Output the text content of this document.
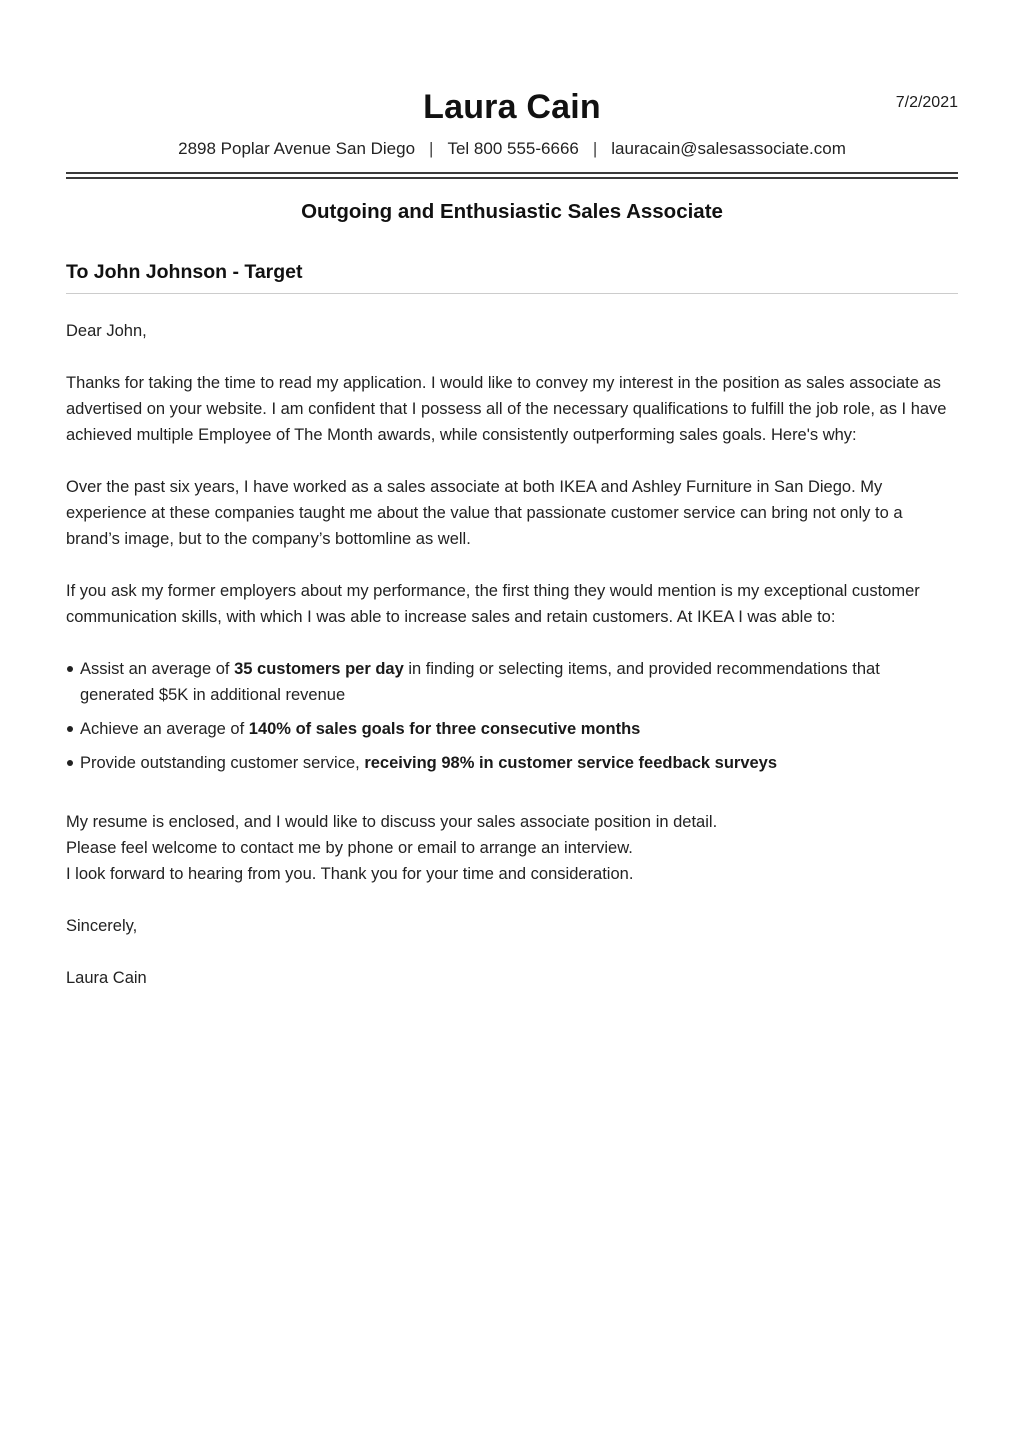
7/2/2021
Laura Cain
2898 Poplar Avenue San Diego | Tel 800 555-6666 | lauracain@salesassociate.com
Outgoing and Enthusiastic Sales Associate
To John Johnson - Target

Dear John,

Thanks for taking the time to read my application. I would like to convey my interest in the position as sales associate as advertised on your website. I am confident that I possess all of the necessary qualifications to fulfill the job role, as I have achieved multiple Employee of The Month awards, while consistently outperforming sales goals. Here's why:

Over the past six years, I have worked as a sales associate at both IKEA and Ashley Furniture in San Diego. My experience at these companies taught me about the value that passionate customer service can bring not only to a brand’s image, but to the company’s bottomline as well.

If you ask my former employers about my performance, the first thing they would mention is my exceptional customer communication skills, with which I was able to increase sales and retain customers. At IKEA I was able to:

Assist an average of 35 customers per day in finding or selecting items, and provided recommendations that generated $5K in additional revenue
Achieve an average of 140% of sales goals for three consecutive months
Provide outstanding customer service, receiving 98% in customer service feedback surveys
My resume is enclosed, and I would like to discuss your sales associate position in detail.
Please feel welcome to contact me by phone or email to arrange an interview.
I look forward to hearing from you. Thank you for your time and consideration.

Sincerely,

Laura Cain
